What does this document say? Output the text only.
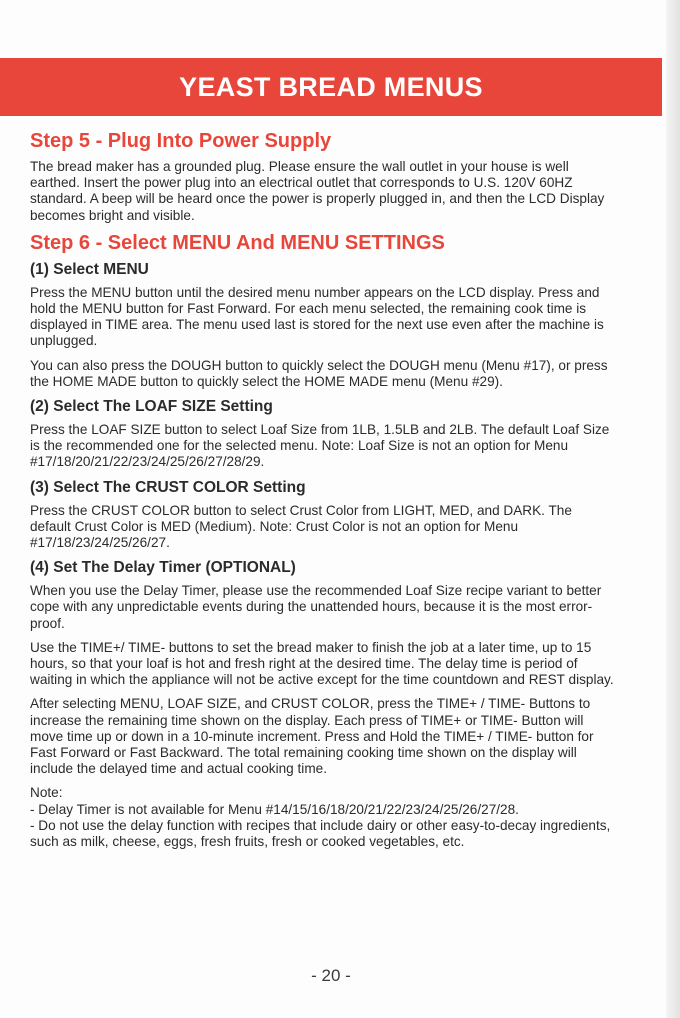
YEAST BREAD MENUS
Step 5 - Plug Into Power Supply

The bread maker has a grounded plug. Please ensure the wall outlet in your house is well earthed. Insert the power plug into an electrical outlet that corresponds to U.S. 120V 60HZ standard. A beep will be heard once the power is properly plugged in, and then the LCD Display becomes bright and visible.

Step 6 - Select MENU And MENU SETTINGS
(1) Select MENU

Press the MENU button until the desired menu number appears on the LCD display. Press and hold the MENU button for Fast Forward. For each menu selected, the remaining cook time is displayed in TIME area. The menu used last is stored for the next use even after the machine is unplugged.

You can also press the DOUGH button to quickly select the DOUGH menu (Menu #17), or press the HOME MADE button to quickly select the HOME MADE menu (Menu #29).

(2) Select The LOAF SIZE Setting

Press the LOAF SIZE button to select Loaf Size from 1LB, 1.5LB and 2LB. The default Loaf Size is the recommended one for the selected menu. Note: Loaf Size is not an option for Menu #17/18/20/21/22/23/24/25/26/27/28/29.

(3) Select The CRUST COLOR Setting

Press the CRUST COLOR button to select Crust Color from LIGHT, MED, and DARK. The default Crust Color is MED (Medium). Note: Crust Color is not an option for Menu #17/18/23/24/25/26/27.

(4) Set The Delay Timer (OPTIONAL)

When you use the Delay Timer, please use the recommended Loaf Size recipe variant to better cope with any unpredictable events during the unattended hours, because it is the most error-proof.

Use the TIME+/ TIME- buttons to set the bread maker to finish the job at a later time, up to 15 hours, so that your loaf is hot and fresh right at the desired time. The delay time is period of waiting in which the appliance will not be active except for the time countdown and REST display.

After selecting MENU, LOAF SIZE, and CRUST COLOR, press the TIME+ / TIME- Buttons to increase the remaining time shown on the display. Each press of TIME+ or TIME- Button will move time up or down in a 10-minute increment. Press and Hold the TIME+ / TIME- button for Fast Forward or Fast Backward. The total remaining cooking time shown on the display will include the delayed time and actual cooking time.

Note:

- Delay Timer is not available for Menu #14/15/16/18/20/21/22/23/24/25/26/27/28.

- Do not use the delay function with recipes that include dairy or other easy-to-decay ingredients, such as milk, cheese, eggs, fresh fruits, fresh or cooked vegetables, etc.

- 20 -
